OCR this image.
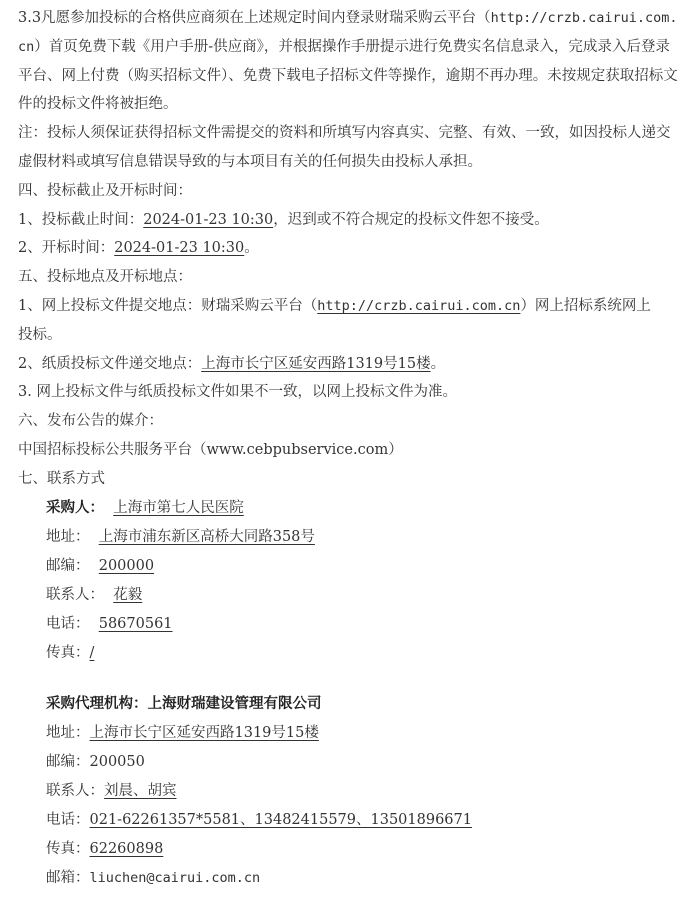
3.3凡愿参加投标的合格供应商须在上述规定时间内登录财瑞采购云平台（http://crzb.cairui.com.cn）首页免费下载《用户手册-供应商》，并根据操作手册提示进行免费实名信息录入，完成录入后登录平台、网上付费（购买招标文件）、免费下载电子招标文件等操作，逾期不再办理。未按规定获取招标文件的投标文件将被拒绝。

注：投标人须保证获得招标文件需提交的资料和所填写内容真实、完整、有效、一致，如因投标人递交虚假材料或填写信息错误导致的与本项目有关的任何损失由投标人承担。

四、投标截止及开标时间：

1、投标截止时间：2024-01-23 10:30，迟到或不符合规定的投标文件恕不接受。

2、开标时间：2024-01-23 10:30。

五、投标地点及开标地点：

1、网上投标文件提交地点：财瑞采购云平台（http://crzb.cairui.com.cn）网上招标系统网上投标。

2、纸质投标文件递交地点：上海市长宁区延安西路1319号15楼。

3. 网上投标文件与纸质投标文件如果不一致，以网上投标文件为准。

六、发布公告的媒介：

中国招标投标公共服务平台（www.cebpubservice.com）

七、联系方式

采购人： 上海市第七人民医院

地址： 上海市浦东新区高桥大同路358号

邮编： 200000

联系人： 花毅

电话： 58670561

传真：/

采购代理机构：上海财瑞建设管理有限公司

地址：上海市长宁区延安西路1319号15楼

邮编：200050

联系人：刘晨、胡宾

电话：021-62261357*5581、13482415579、13501896671

传真：62260898

邮箱：liuchen@cairui.com.cn
